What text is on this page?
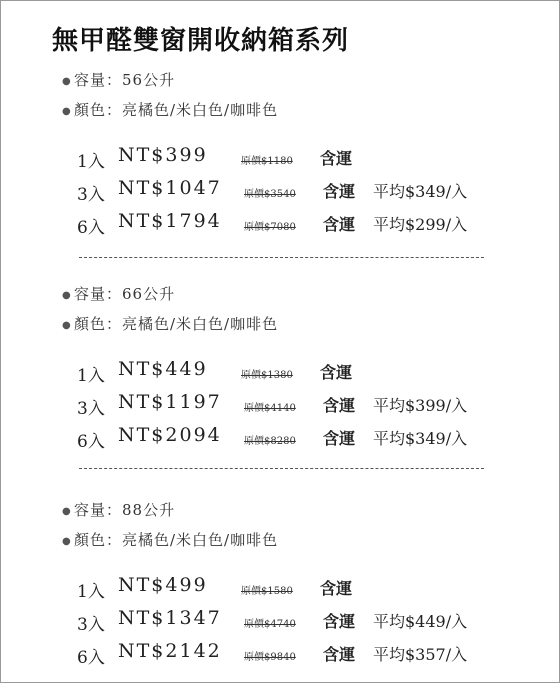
無甲醛雙窗開收納箱系列
● 容量：56公升
● 顏色：亮橘色/米白色/咖啡色
1入 NT$399	原價$1180 含運
3入 NT$1047 原價$3540 含運 平均$349/入
6入 NT$1794 原價$7080 含運 平均$299/入
● 容量：66公升
● 顏色：亮橘色/米白色/咖啡色
1入 NT$449	原價$1380 含運
3入 NT$1197 原價$4140 含運 平均$399/入
6入 NT$2094 原價$8280 含運 平均$349/入
● 容量：88公升
● 顏色：亮橘色/米白色/咖啡色
1入 NT$499	原價$1580 含運
3入 NT$1347 原價$4740 含運 平均$449/入
6入 NT$2142 原價$9840 含運 平均$357/入
